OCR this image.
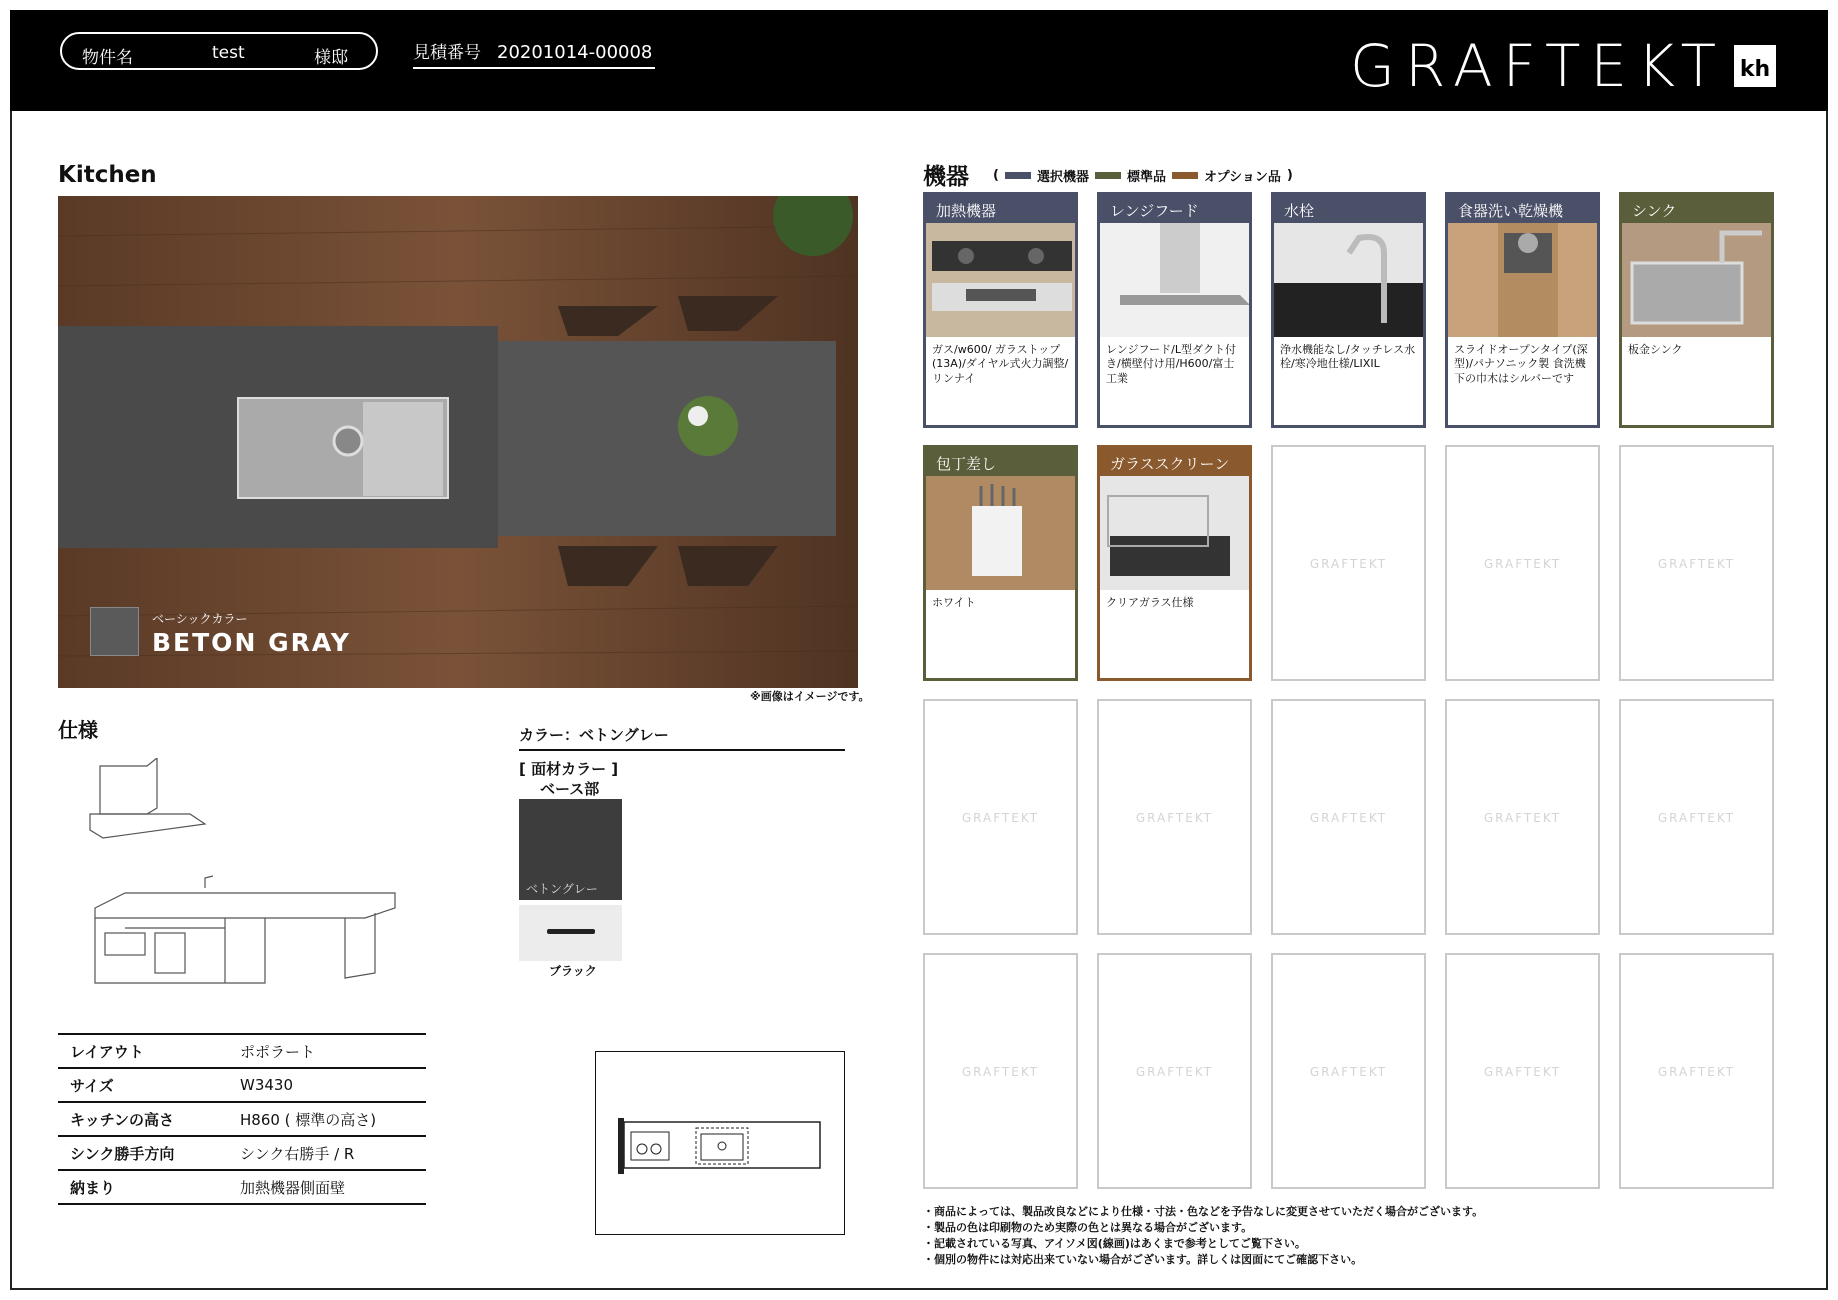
物件名	test	様邸	見積番号 20201014-00008	GRAFTEKT kh
Kitchen
ベーシックカラー
BETON GRAY
※画像はイメージです。
仕様
レイアウト	ポポラート
サイズ	W3430
キッチンの高さ	H860 ( 標準の高さ)
シンク勝手方向	シンク右勝手 / R
納まり	加熱機器側面壁
カラー：ベトングレー
[ 面材カラー ]
ベース部
ベトングレー
ブラック
機器 (	選択機器	標準品	オプション品 )
加熱機器
ガス/w600/ ガラストップ(13A)/ダイヤル式火力調整/リンナイ
レンジフード
レンジフード/L型ダクト付き/横壁付け用/H600/富士工業
水栓
浄水機能なし/タッチレス水栓/寒冷地仕様/LIXIL
食器洗い乾燥機
スライドオープンタイプ(深型)/パナソニック製 食洗機下の巾木はシルバーです
シンク
板金シンク
包丁差し
ホワイト
ガラススクリーン
クリアガラス仕様
GRAFTEKT	GRAFTEKT	GRAFTEKT
GRAFTEKT	GRAFTEKT	GRAFTEKT	GRAFTEKT	GRAFTEKT
GRAFTEKT	GRAFTEKT	GRAFTEKT	GRAFTEKT	GRAFTEKT
・商品によっては、製品改良などにより仕様・寸法・色などを予告なしに変更させていただく場合がございます。
・製品の色は印刷物のため実際の色とは異なる場合がございます。
・記載されている写真、アイソメ図(線画)はあくまで参考としてご覧下さい。
・個別の物件には対応出来ていない場合がございます。詳しくは図面にてご確認下さい。
